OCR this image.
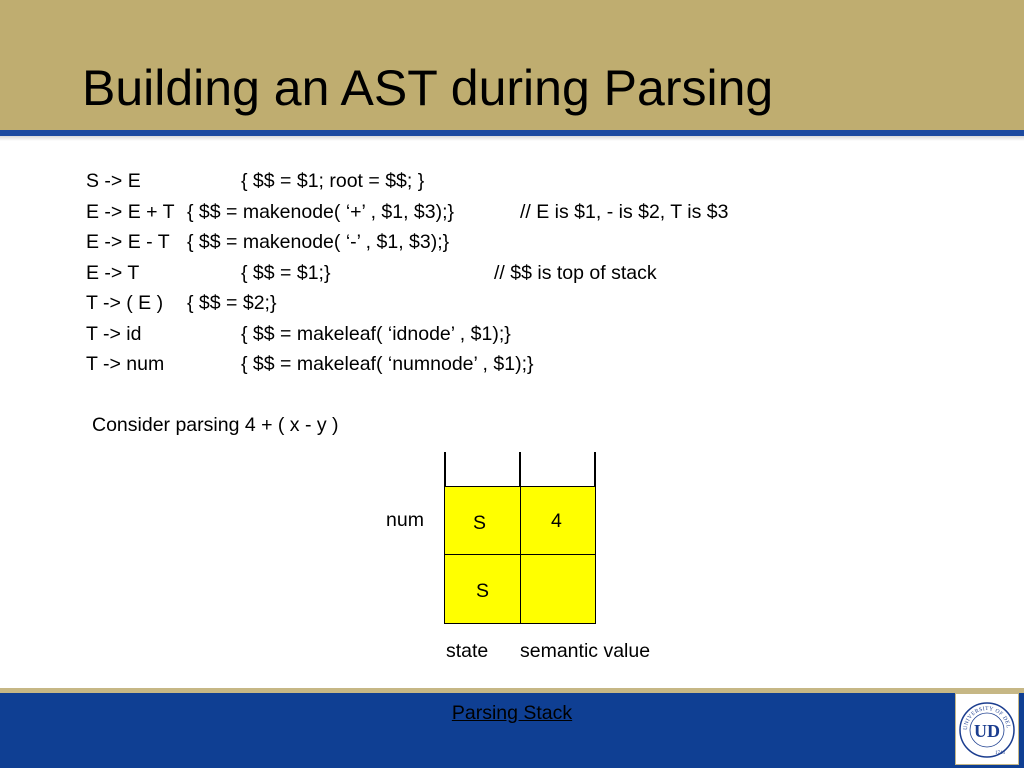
Building an AST during Parsing
S -> E	{ $$ = $1; root = $$; }
E -> E + T { $$ = makenode( ‘+’ , $1, $3);}	// E is $1, - is $2, T is $3
E -> E - T { $$ = makenode( ‘-’ , $1, $3);}
E -> T	{ $$ = $1;}	// $$ is top of stack
T -> ( E ) { $$ = $2;}
T -> id	{ $$ = makeleaf( ‘idnode’ , $1);}
T -> num	{ $$ = makeleaf( ‘numnode’ , $1);}
Consider parsing 4 + ( x - y )
num	S	4
S
state semantic value
Parsing Stack
UNIVERSITY OF DEL
UD
1743
